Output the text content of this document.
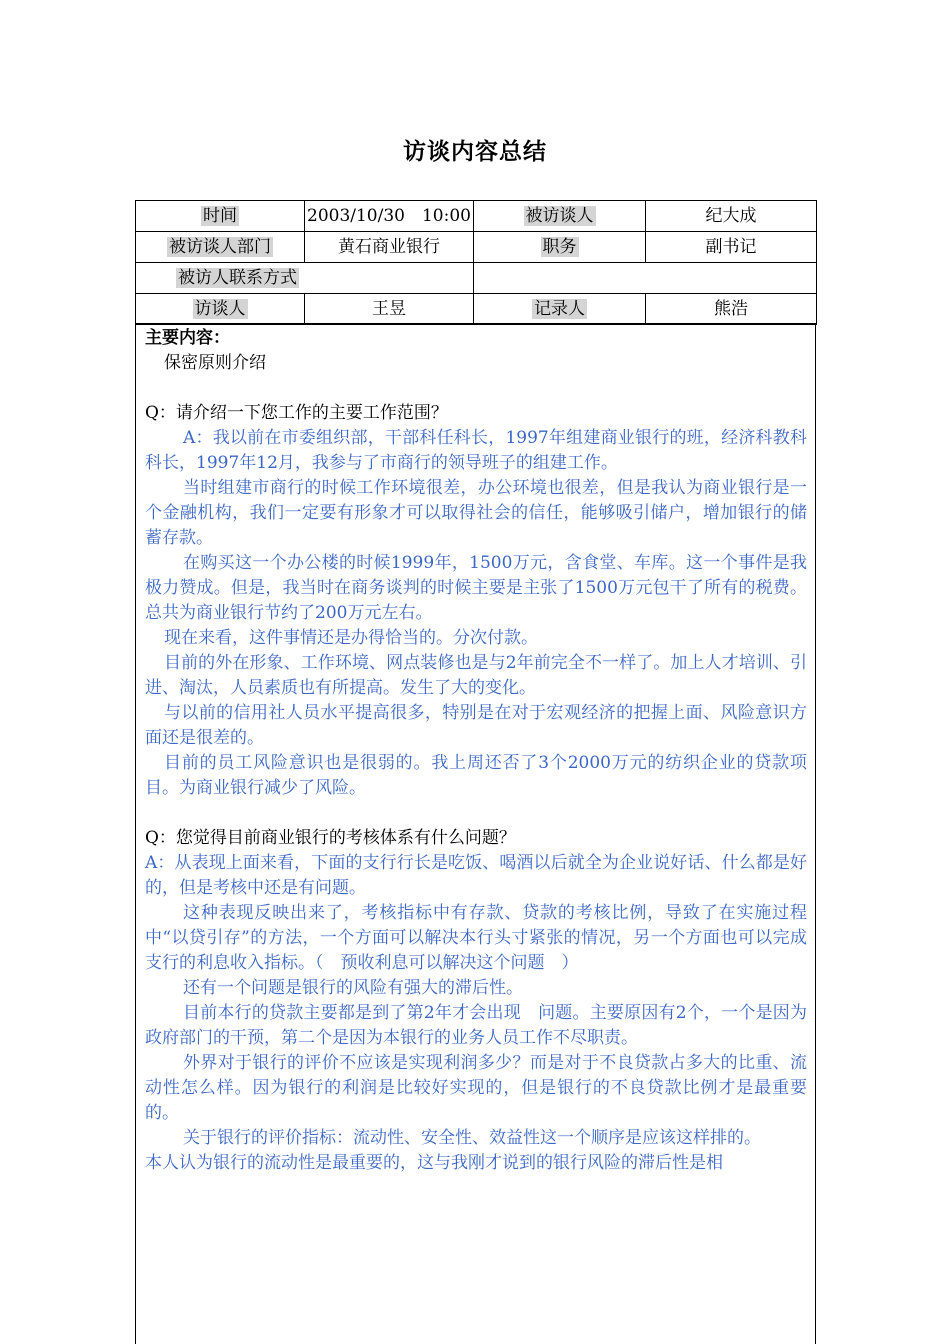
访谈内容总结
时间	2003/10/30　10:00	被访谈人	纪大成
被访谈人部门	黄石商业银行	职务	副书记
被访人联系方式			
访谈人	王昱	记录人	熊浩

主要内容：

保密原则介绍

Q：请介绍一下您工作的主要工作范围？

A：我以前在市委组织部，干部科任科长，1997年组建商业银行的班，经济科教科科长，1997年12月，我参与了市商行的领导班子的组建工作。

当时组建市商行的时候工作环境很差，办公环境也很差，但是我认为商业银行是一个金融机构，我们一定要有形象才可以取得社会的信任，能够吸引储户，增加银行的储蓄存款。

在购买这一个办公楼的时候1999年，1500万元，含食堂、车库。这一个事件是我极力赞成。但是，我当时在商务谈判的时候主要是主张了1500万元包干了所有的税费。总共为商业银行节约了200万元左右。

现在来看，这件事情还是办得恰当的。分次付款。

目前的外在形象、工作环境、网点装修也是与2年前完全不一样了。加上人才培训、引进、淘汰，人员素质也有所提高。发生了大的变化。

与以前的信用社人员水平提高很多，特别是在对于宏观经济的把握上面、风险意识方面还是很差的。

目前的员工风险意识也是很弱的。我上周还否了3个2000万元的纺织企业的贷款项目。为商业银行减少了风险。

Q：您觉得目前商业银行的考核体系有什么问题？

A：从表现上面来看，下面的支行行长是吃饭、喝酒以后就全为企业说好话、什么都是好的，但是考核中还是有问题。

这种表现反映出来了，考核指标中有存款、贷款的考核比例，导致了在实施过程中“以贷引存”的方法，一个方面可以解决本行头寸紧张的情况，另一个方面也可以完成支行的利息收入指标。（　预收利息可以解决这个问题　）

还有一个问题是银行的风险有强大的滞后性。

目前本行的贷款主要都是到了第2年才会出现　问题。主要原因有2个，一个是因为政府部门的干预，第二个是因为本银行的业务人员工作不尽职责。

外界对于银行的评价不应该是实现利润多少？而是对于不良贷款占多大的比重、流动性怎么样。因为银行的利润是比较好实现的，但是银行的不良贷款比例才是最重要的。

关于银行的评价指标：流动性、安全性、效益性这一个顺序是应该这样排的。

本人认为银行的流动性是最重要的，这与我刚才说到的银行风险的滞后性是相
